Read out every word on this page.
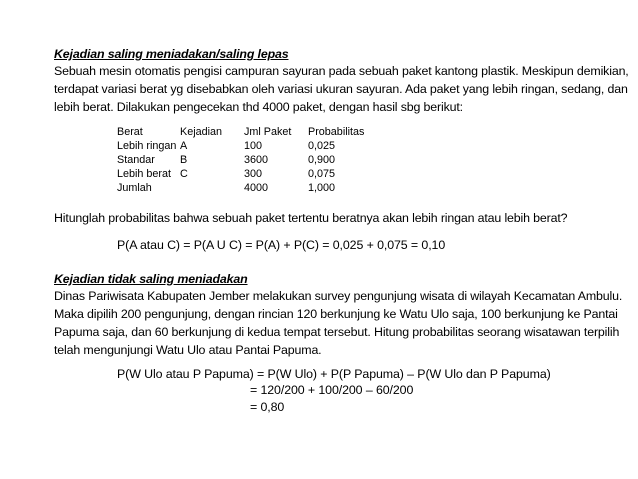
Kejadian saling meniadakan/saling lepas
Sebuah mesin otomatis pengisi campuran sayuran pada sebuah paket kantong plastik. Meskipun demikian,
terdapat variasi berat yg disebabkan oleh variasi ukuran sayuran. Ada paket yang lebih ringan, sedang, dan
lebih berat. Dilakukan pengecekan thd 4000 paket, dengan hasil sbg berikut:
Berat	Kejadian	Jml Paket	Probabilitas
Lebih ringan	A	100	0,025
Standar	B	3600	0,900
Lebih berat	C	300	0,075
Jumlah		4000	1,000
Hitunglah probabilitas bahwa sebuah paket tertentu beratnya akan lebih ringan atau lebih berat?
P(A atau C) = P(A U C) = P(A) + P(C) = 0,025 + 0,075 = 0,10
Kejadian tidak saling meniadakan
Dinas Pariwisata Kabupaten Jember melakukan survey pengunjung wisata di wilayah Kecamatan Ambulu.
Maka dipilih 200 pengunjung, dengan rincian 120 berkunjung ke Watu Ulo saja, 100 berkunjung ke Pantai
Papuma saja, dan 60 berkunjung di kedua tempat tersebut. Hitung probabilitas seorang wisatawan terpilih
telah mengunjungi Watu Ulo atau Pantai Papuma.
P(W Ulo atau P Papuma) = P(W Ulo) + P(P Papuma) – P(W Ulo dan P Papuma)
= 120/200 + 100/200 – 60/200
= 0,80
